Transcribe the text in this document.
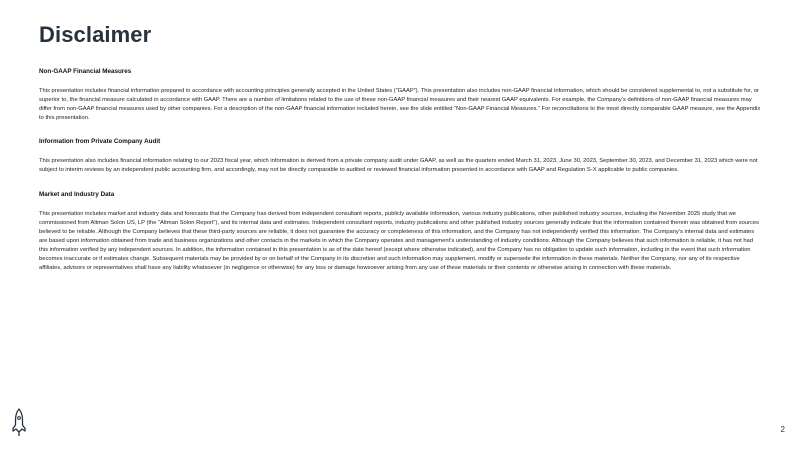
Disclaimer

Non-GAAP Financial Measures

This presentation includes financial information prepared in accordance with accounting principles generally accepted in the United States (“GAAP”). This presentation also includes non-GAAP financial information, which should be considered supplemental to, not a substitute for, or superior to, the financial measure calculated in accordance with GAAP. There are a number of limitations related to the use of these non-GAAP financial measures and their nearest GAAP equivalents. For example, the Company’s definitions of non-GAAP financial measures may differ from non-GAAP financial measures used by other companies. For a description of the non-GAAP financial information included herein, see the slide entitled “Non-GAAP Financial Measures.” For reconciliations to the most directly comparable GAAP measure, see the Appendix to this presentation.

Information from Private Company Audit

This presentation also includes financial information relating to our 2023 fiscal year, which information is derived from a private company audit under GAAP, as well as the quarters ended March 31, 2023, June 30, 2023, September 30, 2023, and December 31, 2023 which were not subject to interim reviews by an independent public accounting firm, and accordingly, may not be directly comparable to audited or reviewed financial information presented in accordance with GAAP and Regulation S-X applicable to public companies.

Market and Industry Data

This presentation includes market and industry data and forecasts that the Company has derived from independent consultant reports, publicly available information, various industry publications, other published industry sources, including the November 2025 study that we commissioned from Altman Solon US, LP (the “Altman Solon Report”), and its internal data and estimates. Independent consultant reports, industry publications and other published industry sources generally indicate that the information contained therein was obtained from sources believed to be reliable. Although the Company believes that these third-party sources are reliable, it does not guarantee the accuracy or completeness of this information, and the Company has not independently verified this information. The Company’s internal data and estimates are based upon information obtained from trade and business organizations and other contacts in the markets in which the Company operates and management’s understanding of industry conditions. Although the Company believes that such information is reliable, it has not had this information verified by any independent sources. In addition, the information contained in this presentation is as of the date hereof (except where otherwise indicated), and the Company has no obligation to update such information, including in the event that such information becomes inaccurate or if estimates change. Subsequent materials may be provided by or on behalf of the Company in its discretion and such information may supplement, modify or supersede the information in these materials. Neither the Company, nor any of its respective affiliates, advisors or representatives shall have any liability whatsoever (in negligence or otherwise) for any loss or damage howsoever arising from any use of these materials or their contents or otherwise arising in connection with these materials.

2
